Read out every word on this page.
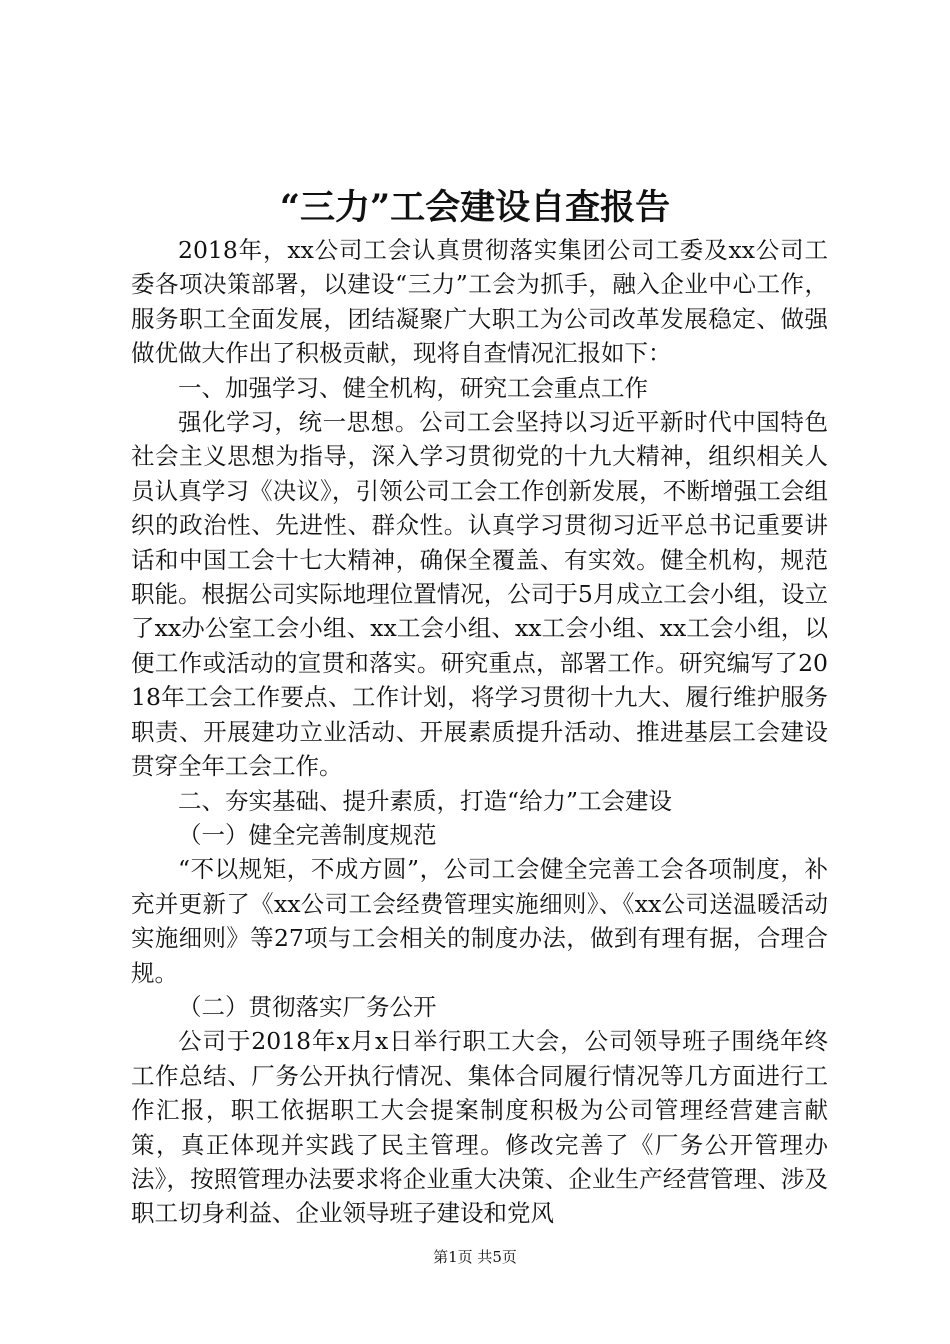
“三力”工会建设自查报告

2018年，xx公司工会认真贯彻落实集团公司工委及xx公司工委各项决策部署，以建设“三力”工会为抓手，融入企业中心工作，服务职工全面发展，团结凝聚广大职工为公司改革发展稳定、做强做优做大作出了积极贡献，现将自查情况汇报如下：

一、加强学习、健全机构，研究工会重点工作

强化学习，统一思想。公司工会坚持以习近平新时代中国特色社会主义思想为指导，深入学习贯彻党的十九大精神，组织相关人员认真学习《决议》，引领公司工会工作创新发展，不断增强工会组织的政治性、先进性、群众性。认真学习贯彻习近平总书记重要讲话和中国工会十七大精神，确保全覆盖、有实效。健全机构，规范职能。根据公司实际地理位置情况，公司于5月成立工会小组，设立了xx办公室工会小组、xx工会小组、xx工会小组、xx工会小组，以便工作或活动的宣贯和落实。研究重点，部署工作。研究编写了2018年工会工作要点、工作计划，将学习贯彻十九大、履行维护服务职责、开展建功立业活动、开展素质提升活动、推进基层工会建设贯穿全年工会工作。

二、夯实基础、提升素质，打造“给力”工会建设

（一）健全完善制度规范

“不以规矩，不成方圆”，公司工会健全完善工会各项制度，补充并更新了《xx公司工会经费管理实施细则》、《xx公司送温暖活动实施细则》等27项与工会相关的制度办法，做到有理有据，合理合规。

（二）贯彻落实厂务公开

公司于2018年x月x日举行职工大会，公司领导班子围绕年终工作总结、厂务公开执行情况、集体合同履行情况等几方面进行工作汇报，职工依据职工大会提案制度积极为公司管理经营建言献策，真正体现并实践了民主管理。修改完善了《厂务公开管理办法》，按照管理办法要求将企业重大决策、企业生产经营管理、涉及职工切身利益、企业领导班子建设和党风

第1页 共5页
